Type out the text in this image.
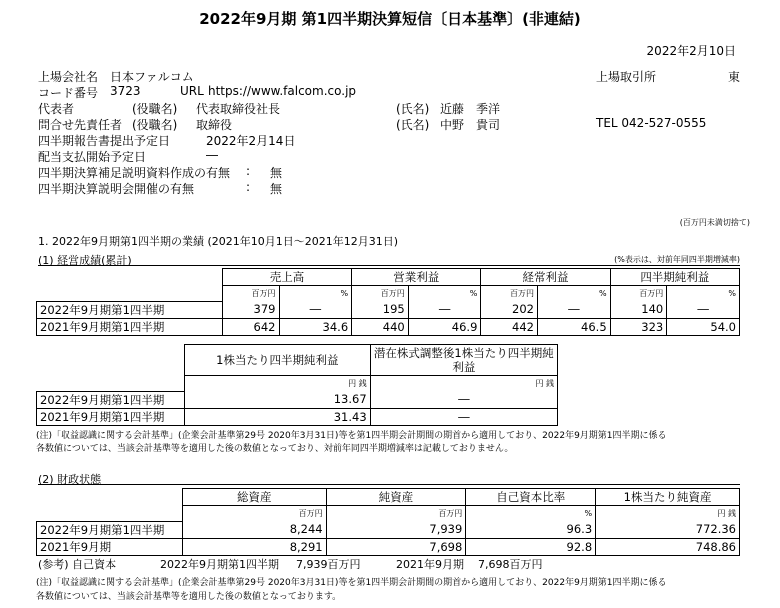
2022年9月期 第1四半期決算短信〔日本基準〕(非連結)
2022年2月10日
上場会社名 日本ファルコム	上場取引所	東
コード番号 3723	URL https://www.falcom.co.jp
代表者	(役職名) 代表取締役社長	(氏名) 近藤　季洋
問合せ先責任者 (役職名) 取締役	(氏名) 中野　貴司	TEL 042-527-0555
四半期報告書提出予定日	2022年2月14日
配当支払開始予定日	―
四半期決算補足説明資料作成の有無 : 無
四半期決算説明会開催の有無	: 無
(百万円未満切捨て)
1. 2022年9月期第1四半期の業績 (2021年10月1日～2021年12月31日)
(1) 経営成績(累計)	(%表示は、対前年同四半期増減率)
	売上高		営業利益		経常利益		四半期純利益	
	百万円	%	百万円	%	百万円	%	百万円	%
2022年9月期第1四半期	379	―	195	―	202	―	140	―
2021年9月期第1四半期	642	34.6	440	46.9	442	46.5	323	54.0
	1株当たり四半期純利益	潜在株式調整後1株当たり四半期純利益
	円 銭	円 銭
2022年9月期第1四半期	13.67	―
2021年9月期第1四半期	31.43	―
(注)「収益認識に関する会計基準」(企業会計基準第29号 2020年3月31日)等を第1四半期会計期間の期首から適用しており、2022年9月期第1四半期に係る
各数値については、当該会計基準等を適用した後の数値となっており、対前年同四半期増減率は記載しておりません。
(2) 財政状態
	総資産	純資産	自己資本比率	1株当たり純資産
	百万円	百万円	%	円 銭
2022年9月期第1四半期	8,244	7,939	96.3	772.36
2021年9月期	8,291	7,698	92.8	748.86
(参考) 自己資本	2022年9月期第1四半期 7,939百万円	2021年9月期 7,698百万円
(注)「収益認識に関する会計基準」(企業会計基準第29号 2020年3月31日)等を第1四半期会計期間の期首から適用しており、2022年9月期第1四半期に係る
各数値については、当該会計基準等を適用した後の数値となっております。
